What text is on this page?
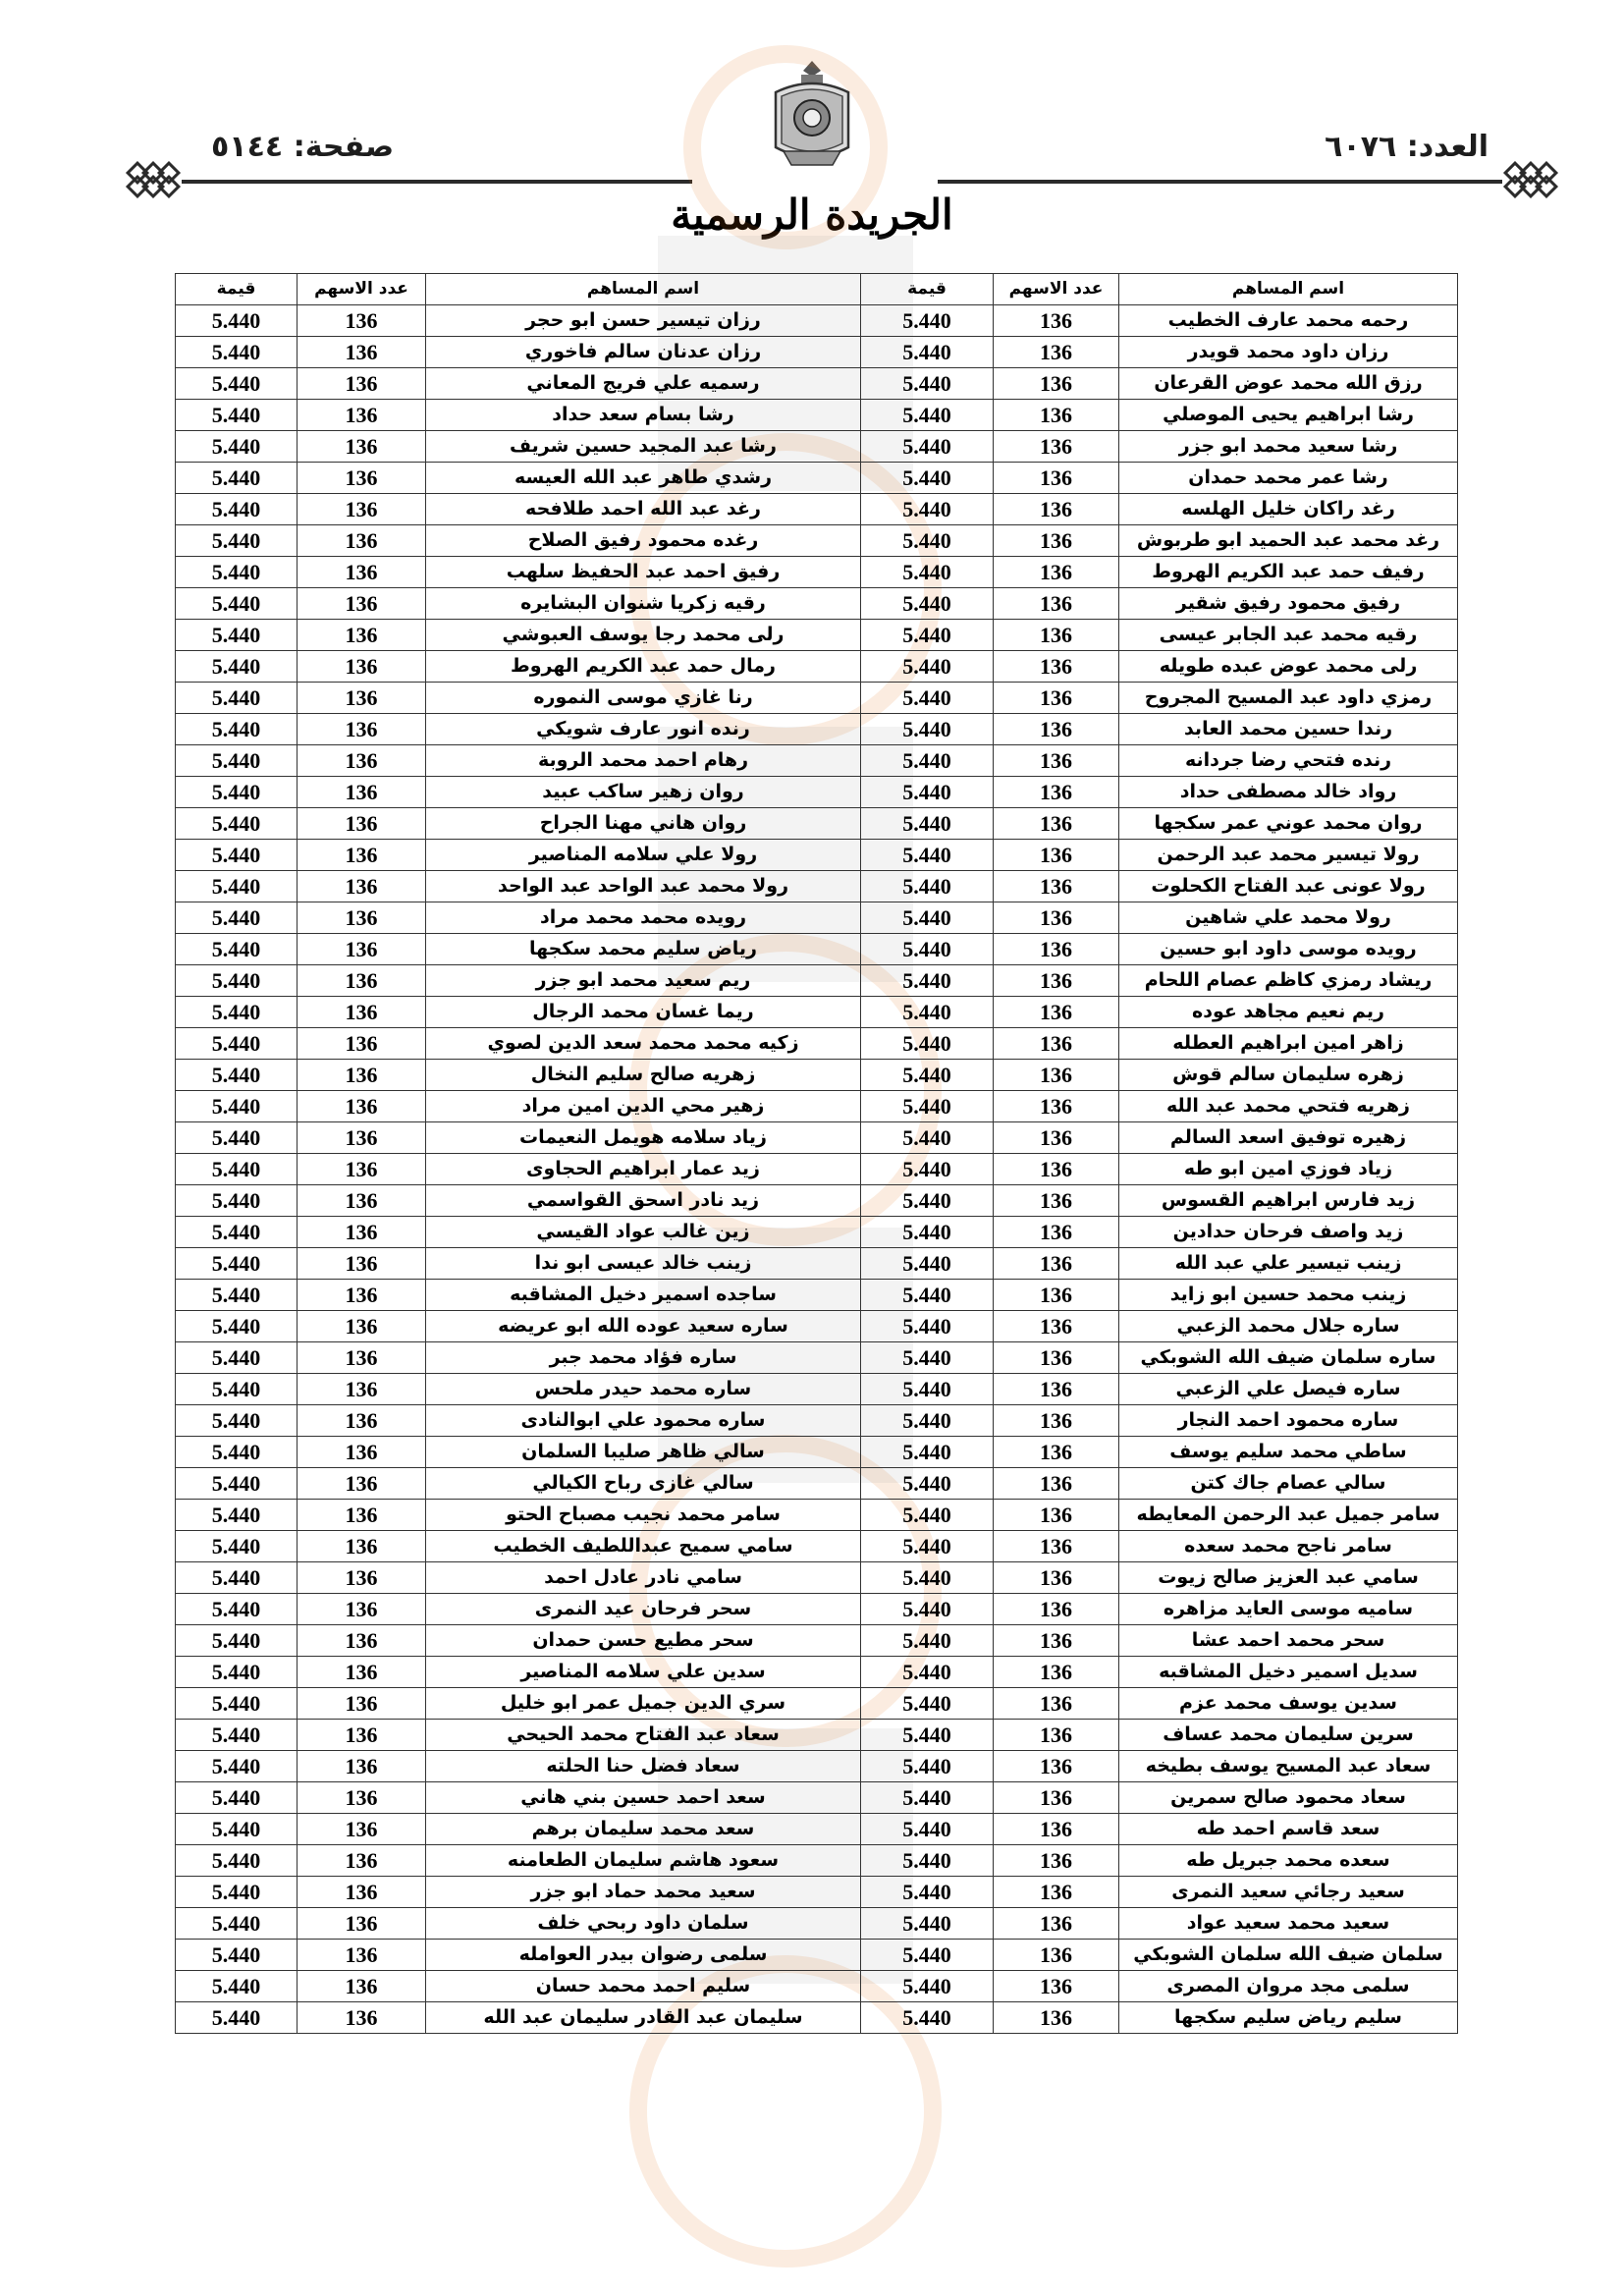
العدد: ٦٠٧٦
صفحة: ٥١٤٤
الجريدة الرسمية
اسم المساهم	عدد الاسهم	قيمة	اسم المساهم	عدد الاسهم	قيمة
رحمه محمد عارف الخطيب	136	5.440	رزان تيسير حسن ابو حجر	136	5.440
رزان داود محمد قويدر	136	5.440	رزان عدنان سالم فاخوري	136	5.440
رزق الله محمد عوض القرعان	136	5.440	رسميه علي فريج المعاني	136	5.440
رشا ابراهيم يحيى الموصلي	136	5.440	رشا بسام سعد حداد	136	5.440
رشا سعيد محمد ابو جزر	136	5.440	رشا عبد المجيد حسين شريف	136	5.440
رشا عمر محمد حمدان	136	5.440	رشدي طاهر عبد الله العيسه	136	5.440
رغد راكان خليل الهلسه	136	5.440	رغد عبد الله احمد طلافحه	136	5.440
رغد محمد عبد الحميد ابو طربوش	136	5.440	رغده محمود رفيق الصلاح	136	5.440
رفيف حمد عبد الكريم الهروط	136	5.440	رفيق احمد عبد الحفيظ سلهب	136	5.440
رفيق محمود رفيق شقير	136	5.440	رقيه زكريا شنوان البشايره	136	5.440
رقيه محمد عبد الجابر عيسى	136	5.440	رلى محمد رجا يوسف العبوشي	136	5.440
رلى محمد عوض عبده طويله	136	5.440	رمال حمد عبد الكريم الهروط	136	5.440
رمزي داود عبد المسيح المجروح	136	5.440	رنا غازي موسى النموره	136	5.440
رندا حسين محمد العابد	136	5.440	رنده انور عارف شويكي	136	5.440
رنده فتحي رضا جردانه	136	5.440	رهام احمد محمد الروبة	136	5.440
رواد خالد مصطفى حداد	136	5.440	روان زهير ساكب عبيد	136	5.440
روان محمد عوني عمر سكجها	136	5.440	روان هاني مهنا الجراح	136	5.440
رولا تيسير محمد عبد الرحمن	136	5.440	رولا علي سلامه المناصير	136	5.440
رولا عونى عبد الفتاح الكحلوت	136	5.440	رولا محمد عبد الواحد عبد الواحد	136	5.440
رولا محمد علي شاهين	136	5.440	رويده محمد محمد مراد	136	5.440
رويده موسى داود ابو حسين	136	5.440	رياض سليم محمد سكجها	136	5.440
ريشاد رمزي كاظم عصام اللحام	136	5.440	ريم سعيد محمد ابو جزر	136	5.440
ريم نعيم مجاهد عوده	136	5.440	ريما غسان محمد الرجال	136	5.440
زاهر امين ابراهيم العطله	136	5.440	زكيه محمد محمد سعد الدين لصوي	136	5.440
زهره سليمان سالم قوش	136	5.440	زهريه صالح سليم النخال	136	5.440
زهريه فتحي محمد عبد الله	136	5.440	زهير محي الدين امين مراد	136	5.440
زهيره توفيق اسعد السالم	136	5.440	زياد سلامه هويمل النعيمات	136	5.440
زياد فوزي امين ابو طه	136	5.440	زيد عمار ابراهيم الحجاوى	136	5.440
زيد فارس ابراهيم القسوس	136	5.440	زيد نادر اسحق القواسمي	136	5.440
زيد واصف فرحان حدادين	136	5.440	زين غالب عواد القيسي	136	5.440
زينب تيسير علي عبد الله	136	5.440	زينب خالد عيسى ابو ندا	136	5.440
زينب محمد حسين ابو زايد	136	5.440	ساجده اسمير دخيل المشاقبه	136	5.440
ساره جلال محمد الزعبي	136	5.440	ساره سعيد عوده الله ابو عريضه	136	5.440
ساره سلمان ضيف الله الشوبكي	136	5.440	ساره فؤاد محمد جبر	136	5.440
ساره فيصل علي الزعبي	136	5.440	ساره محمد حيدر ملحس	136	5.440
ساره محمود احمد النجار	136	5.440	ساره محمود علي ابوالنادى	136	5.440
ساطي محمد سليم يوسف	136	5.440	سالي ظاهر صليبا السلمان	136	5.440
سالي عصام جاك كتن	136	5.440	سالي غازى رباح الكيالي	136	5.440
سامر جميل عبد الرحمن المعايطه	136	5.440	سامر محمد نجيب مصباح الحتو	136	5.440
سامر ناجح محمد سعده	136	5.440	سامي سميح عبداللطيف الخطيب	136	5.440
سامي عبد العزيز صالح زيوت	136	5.440	سامي نادر عادل احمد	136	5.440
ساميه موسى العايد مزاهره	136	5.440	سحر فرحان عيد النمرى	136	5.440
سحر محمد احمد عشا	136	5.440	سحر مطيع حسن حمدان	136	5.440
سديل اسمير دخيل المشاقبه	136	5.440	سدين علي سلامه المناصير	136	5.440
سدين يوسف محمد عزم	136	5.440	سري الدين جميل عمر ابو خليل	136	5.440
سرين سليمان محمد عساف	136	5.440	سعاد عبد الفتاح محمد الحيحي	136	5.440
سعاد عبد المسيح يوسف بطيخه	136	5.440	سعاد فضل حنا الحلته	136	5.440
سعاد محمود صالح سمرين	136	5.440	سعد احمد حسين بني هاني	136	5.440
سعد قاسم احمد طه	136	5.440	سعد محمد سليمان برهم	136	5.440
سعده محمد جبريل طه	136	5.440	سعود هاشم سليمان الطعامنه	136	5.440
سعيد رجائي سعيد النمرى	136	5.440	سعيد محمد حماد ابو جزر	136	5.440
سعيد محمد سعيد عواد	136	5.440	سلمان داود ربحي خلف	136	5.440
سلمان ضيف الله سلمان الشوبكي	136	5.440	سلمى رضوان بيدر العوامله	136	5.440
سلمى مجد مروان المصرى	136	5.440	سليم احمد محمد حسان	136	5.440
سليم رياض سليم سكجها	136	5.440	سليمان عبد القادر سليمان عبد الله	136	5.440
